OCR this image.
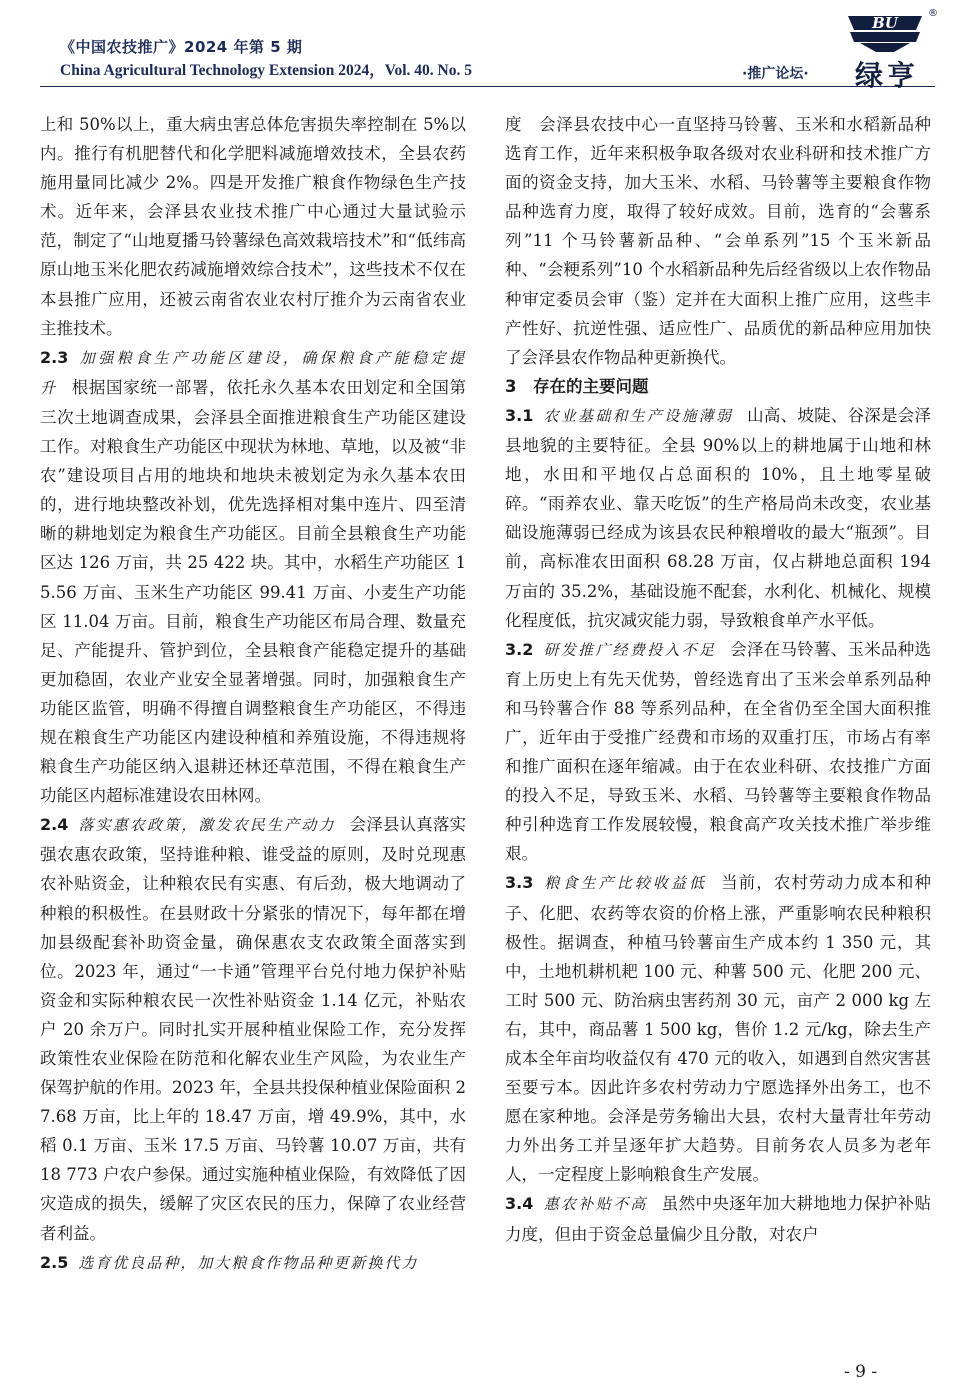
《中国农技推广》2024 年第 5 期
China Agricultural Technology Extension 2024，Vol. 40. No. 5	·推广论坛·
BU
®
绿亨

上和 50%以上，重大病虫害总体危害损失率控制在 5%以内。推行有机肥替代和化学肥料减施增效技术，全县农药施用量同比减少 2%。四是开发推广粮食作物绿色生产技术。近年来，会泽县农业技术推广中心通过大量试验示范，制定了“山地夏播马铃薯绿色高效栽培技术”和“低纬高原山地玉米化肥农药减施增效综合技术”，这些技术不仅在本县推广应用，还被云南省农业农村厅推介为云南省农业主推技术。

2.3 加强粮食生产功能区建设，确保粮食产能稳定提升 根据国家统一部署，依托永久基本农田划定和全国第三次土地调查成果，会泽县全面推进粮食生产功能区建设工作。对粮食生产功能区中现状为林地、草地，以及被“非农”建设项目占用的地块和地块未被划定为永久基本农田的，进行地块整改补划，优先选择相对集中连片、四至清晰的耕地划定为粮食生产功能区。目前全县粮食生产功能区达 126 万亩，共 25 422 块。其中，水稻生产功能区 15.56 万亩、玉米生产功能区 99.41 万亩、小麦生产功能区 11.04 万亩。目前，粮食生产功能区布局合理、数量充足、产能提升、管护到位，全县粮食产能稳定提升的基础更加稳固，农业产业安全显著增强。同时，加强粮食生产功能区监管，明确不得擅自调整粮食生产功能区，不得违规在粮食生产功能区内建设种植和养殖设施，不得违规将粮食生产功能区纳入退耕还林还草范围，不得在粮食生产功能区内超标准建设农田林网。

2.4 落实惠农政策，激发农民生产动力 会泽县认真落实强农惠农政策，坚持谁种粮、谁受益的原则，及时兑现惠农补贴资金，让种粮农民有实惠、有后劲，极大地调动了种粮的积极性。在县财政十分紧张的情况下，每年都在增加县级配套补助资金量，确保惠农支农政策全面落实到位。2023 年，通过“一卡通”管理平台兑付地力保护补贴资金和实际种粮农民一次性补贴资金 1.14 亿元，补贴农户 20 余万户。同时扎实开展种植业保险工作，充分发挥政策性农业保险在防范和化解农业生产风险，为农业生产保驾护航的作用。2023 年，全县共投保种植业保险面积 27.68 万亩，比上年的 18.47 万亩，增 49.9%，其中，水稻 0.1 万亩、玉米 17.5 万亩、马铃薯 10.07 万亩，共有 18 773 户农户参保。通过实施种植业保险，有效降低了因灾造成的损失，缓解了灾区农民的压力，保障了农业经营者利益。

2.5 选育优良品种，加大粮食作物品种更新换代力

度　会泽县农技中心一直坚持马铃薯、玉米和水稻新品种选育工作，近年来积极争取各级对农业科研和技术推广方面的资金支持，加大玉米、水稻、马铃薯等主要粮食作物品种选育力度，取得了较好成效。目前，选育的“会薯系列”11 个马铃薯新品种、“会单系列”15 个玉米新品种、“会粳系列”10 个水稻新品种先后经省级以上农作物品种审定委员会审（鉴）定并在大面积上推广应用，这些丰产性好、抗逆性强、适应性广、品质优的新品种应用加快了会泽县农作物品种更新换代。

3　存在的主要问题

3.1 农业基础和生产设施薄弱 山高、坡陡、谷深是会泽县地貌的主要特征。全县 90%以上的耕地属于山地和林地，水田和平地仅占总面积的 10%，且土地零星破碎。“雨养农业、靠天吃饭”的生产格局尚未改变，农业基础设施薄弱已经成为该县农民种粮增收的最大“瓶颈”。目前，高标准农田面积 68.28 万亩，仅占耕地总面积 194 万亩的 35.2%，基础设施不配套，水利化、机械化、规模化程度低，抗灾减灾能力弱，导致粮食单产水平低。

3.2 研发推广经费投入不足 会泽在马铃薯、玉米品种选育上历史上有先天优势，曾经选育出了玉米会单系列品种和马铃薯合作 88 等系列品种，在全省仍至全国大面积推广，近年由于受推广经费和市场的双重打压，市场占有率和推广面积在逐年缩减。由于在农业科研、农技推广方面的投入不足，导致玉米、水稻、马铃薯等主要粮食作物品种引种选育工作发展较慢，粮食高产攻关技术推广举步维艰。

3.3 粮食生产比较收益低 当前，农村劳动力成本和种子、化肥、农药等农资的价格上涨，严重影响农民种粮积极性。据调查，种植马铃薯亩生产成本约 1 350 元，其中，土地机耕机耙 100 元、种薯 500 元、化肥 200 元、工时 500 元、防治病虫害药剂 30 元，亩产 2 000 kg 左右，其中，商品薯 1 500 kg，售价 1.2 元/kg，除去生产成本全年亩均收益仅有 470 元的收入，如遇到自然灾害甚至要亏本。因此许多农村劳动力宁愿选择外出务工，也不愿在家种地。会泽是劳务输出大县，农村大量青壮年劳动力外出务工并呈逐年扩大趋势。目前务农人员多为老年人，一定程度上影响粮食生产发展。

3.4 惠农补贴不高 虽然中央逐年加大耕地地力保护补贴力度，但由于资金总量偏少且分散，对农户

- 9 -
